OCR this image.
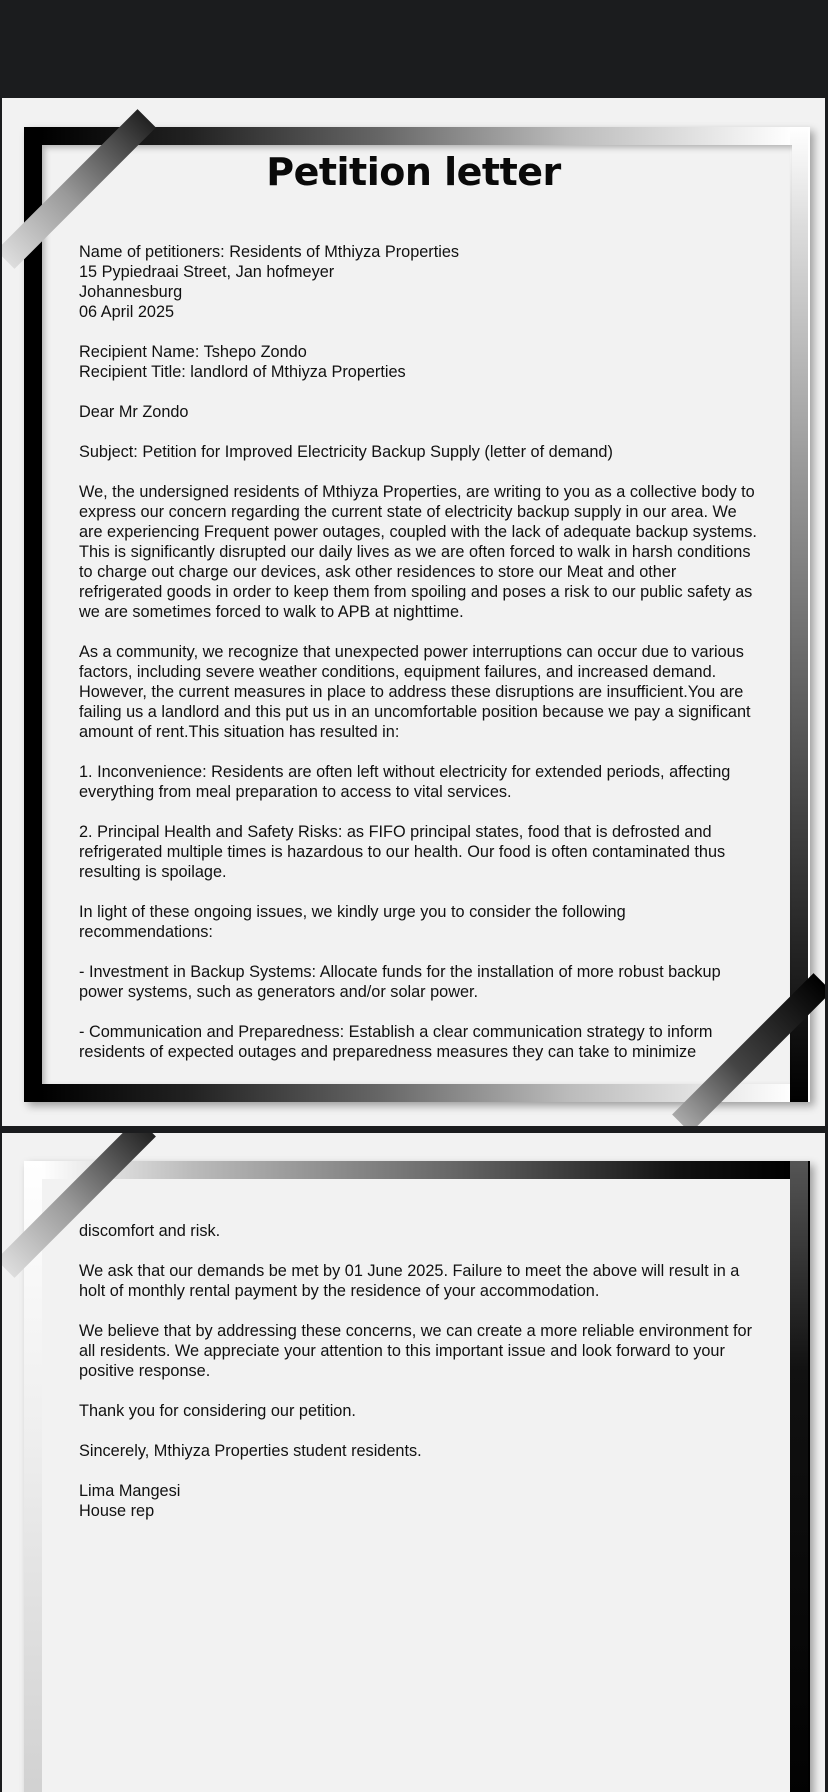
Petition letter

Name of petitioners: Residents of Mthiyza Properties
15 Pypiedraai Street, Jan hofmeyer
Johannesburg
06 April 2025

Recipient Name: Tshepo Zondo
Recipient Title: landlord of Mthiyza Properties

Dear Mr Zondo

Subject: Petition for Improved Electricity Backup Supply (letter of demand)

We, the undersigned residents of Mthiyza Properties, are writing to you as a collective body to express our concern regarding the current state of electricity backup supply in our area. We are experiencing Frequent power outages, coupled with the lack of adequate backup systems. This is significantly disrupted our daily lives as we are often forced to walk in harsh conditions to charge out charge our devices, ask other residences to store our Meat and other refrigerated goods in order to keep them from spoiling and poses a risk to our public safety as we are sometimes forced to walk to APB at nighttime.

As a community, we recognize that unexpected power interruptions can occur due to various factors, including severe weather conditions, equipment failures, and increased demand. However, the current measures in place to address these disruptions are insufficient.You are failing us a landlord and this put us in an uncomfortable position because we pay a significant amount of rent.This situation has resulted in:

1. Inconvenience: Residents are often left without electricity for extended periods, affecting everything from meal preparation to access to vital services.

2. Principal Health and Safety Risks: as FIFO principal states, food that is defrosted and refrigerated multiple times is hazardous to our health. Our food is often contaminated thus resulting is spoilage.

In light of these ongoing issues, we kindly urge you to consider the following recommendations:

- Investment in Backup Systems: Allocate funds for the installation of more robust backup power systems, such as generators and/or solar power.

- Communication and Preparedness: Establish a clear communication strategy to inform residents of expected outages and preparedness measures they can take to minimize

discomfort and risk.

We ask that our demands be met by 01 June 2025. Failure to meet the above will result in a holt of monthly rental payment by the residence of your accommodation.

We believe that by addressing these concerns, we can create a more reliable environment for all residents. We appreciate your attention to this important issue and look forward to your positive response.

Thank you for considering our petition.

Sincerely, Mthiyza Properties student residents.

Lima Mangesi
House rep
